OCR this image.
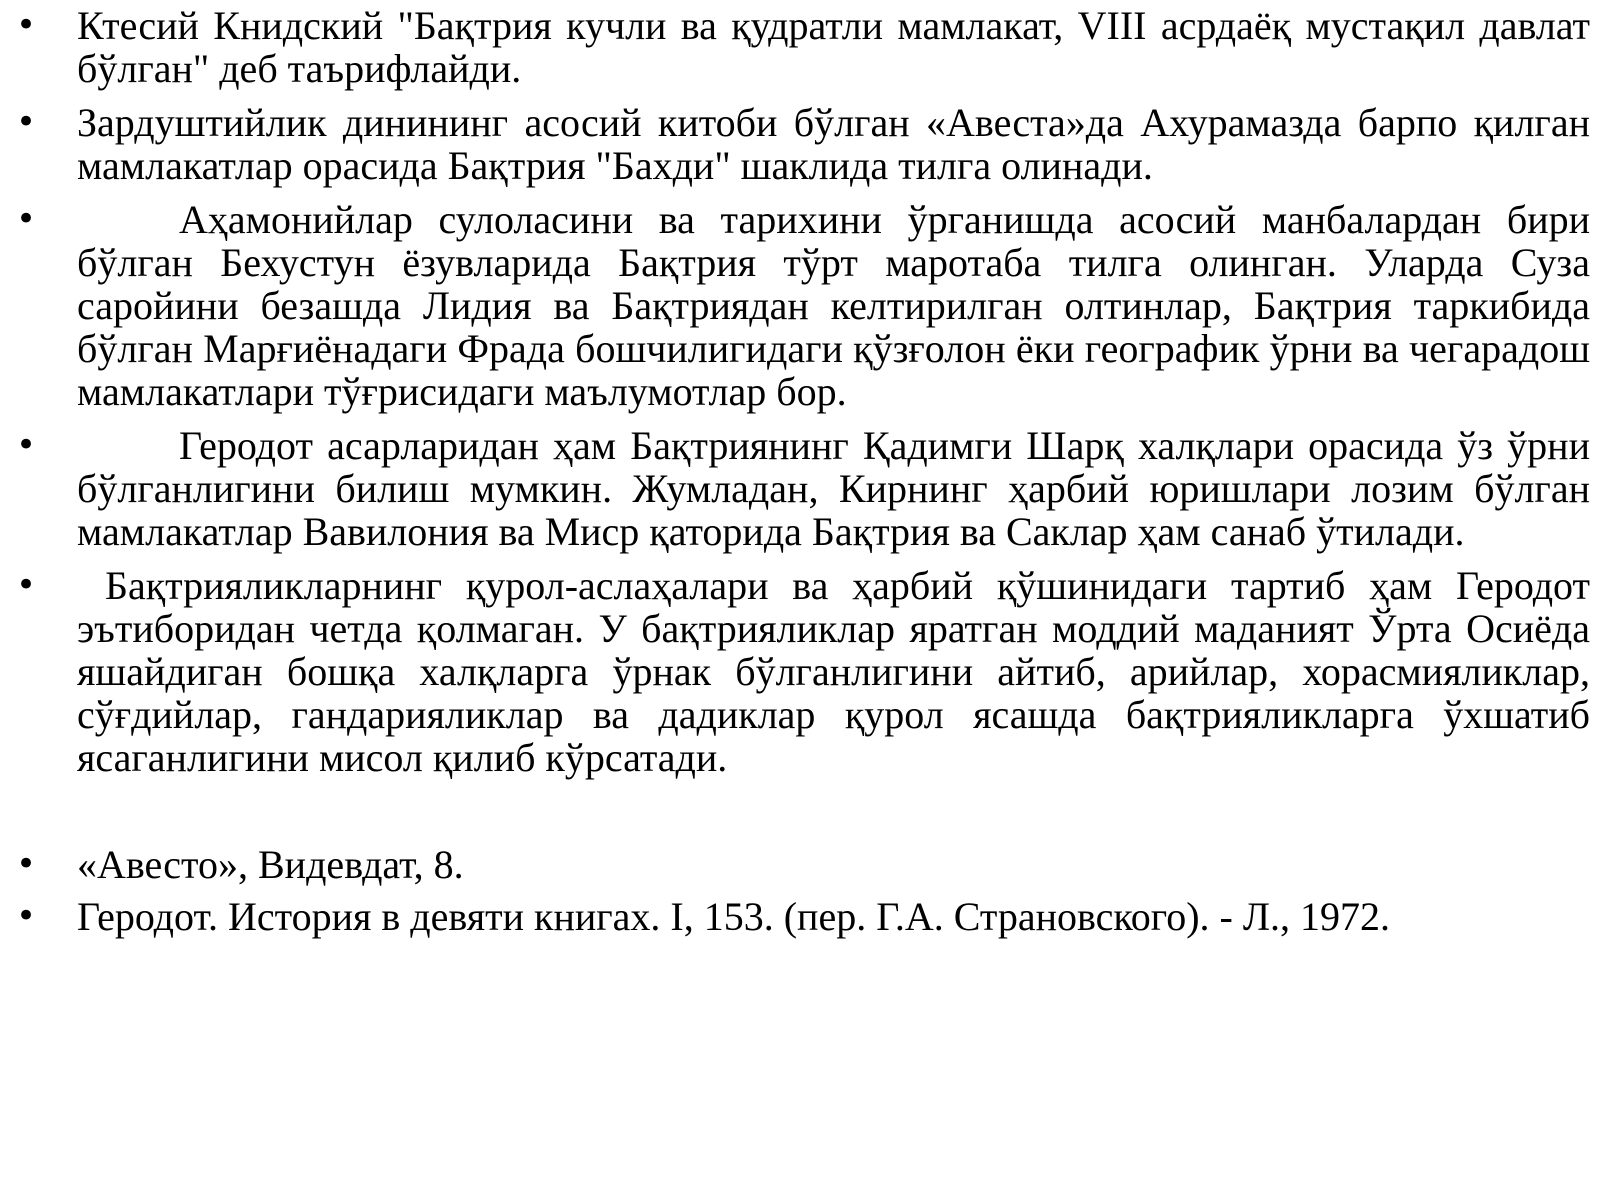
• Ктесий Книдский "Бақтрия кучли ва қудратли мамлакат, VIII асрдаёқ мустақил давлат бўлган" деб таърифлайди.
• Зардуштийлик динининг асосий китоби бўлган «Авеста»да Ахурамазда барпо қилган мамлакатлар орасида Бақтрия "Бахди" шаклида тилга олинади.
•	Аҳамонийлар сулоласини ва тарихини ўрганишда асосий манбалардан бири бўлган Бехустун ёзувларида Бақтрия тўрт маротаба тилга олинган. Уларда Суза саройини безашда Лидия ва Бақтриядан келтирилган олтинлар, Бақтрия таркибида бўлган Марғиёнадаги Фрада бошчилигидаги қўзғолон ёки географик ўрни ва чегарадош мамлакатлари тўғрисидаги маълумотлар бор.
•	Геродот асарларидан ҳам Бақтриянинг Қадимги Шарқ халқлари орасида ўз ўрни бўлганлигини билиш мумкин. Жумладан, Кирнинг ҳарбий юришлари лозим бўлган мамлакатлар Вавилония ва Миср қаторида Бақтрия ва Саклар ҳам санаб ўтилади.
•	Бақтрияликларнинг қурол-аслаҳалари ва ҳарбий қўшинидаги тартиб ҳам Геродот эътиборидан четда қолмаган. У бақтрияликлар яратган моддий маданият Ўрта Осиёда яшайдиган бошқа халқларга ўрнак бўлганлигини айтиб, арийлар, хорасмияликлар, сўғдийлар, гандарияликлар ва дадиклар қурол ясашда бақтрияликларга ўхшатиб ясаганлигини мисол қилиб кўрсатади.
• «Авесто», Видевдат, 8.
• Геродот. История в девяти книгах. I, 153. (пер. Г.А. Страновского). - Л., 1972.
